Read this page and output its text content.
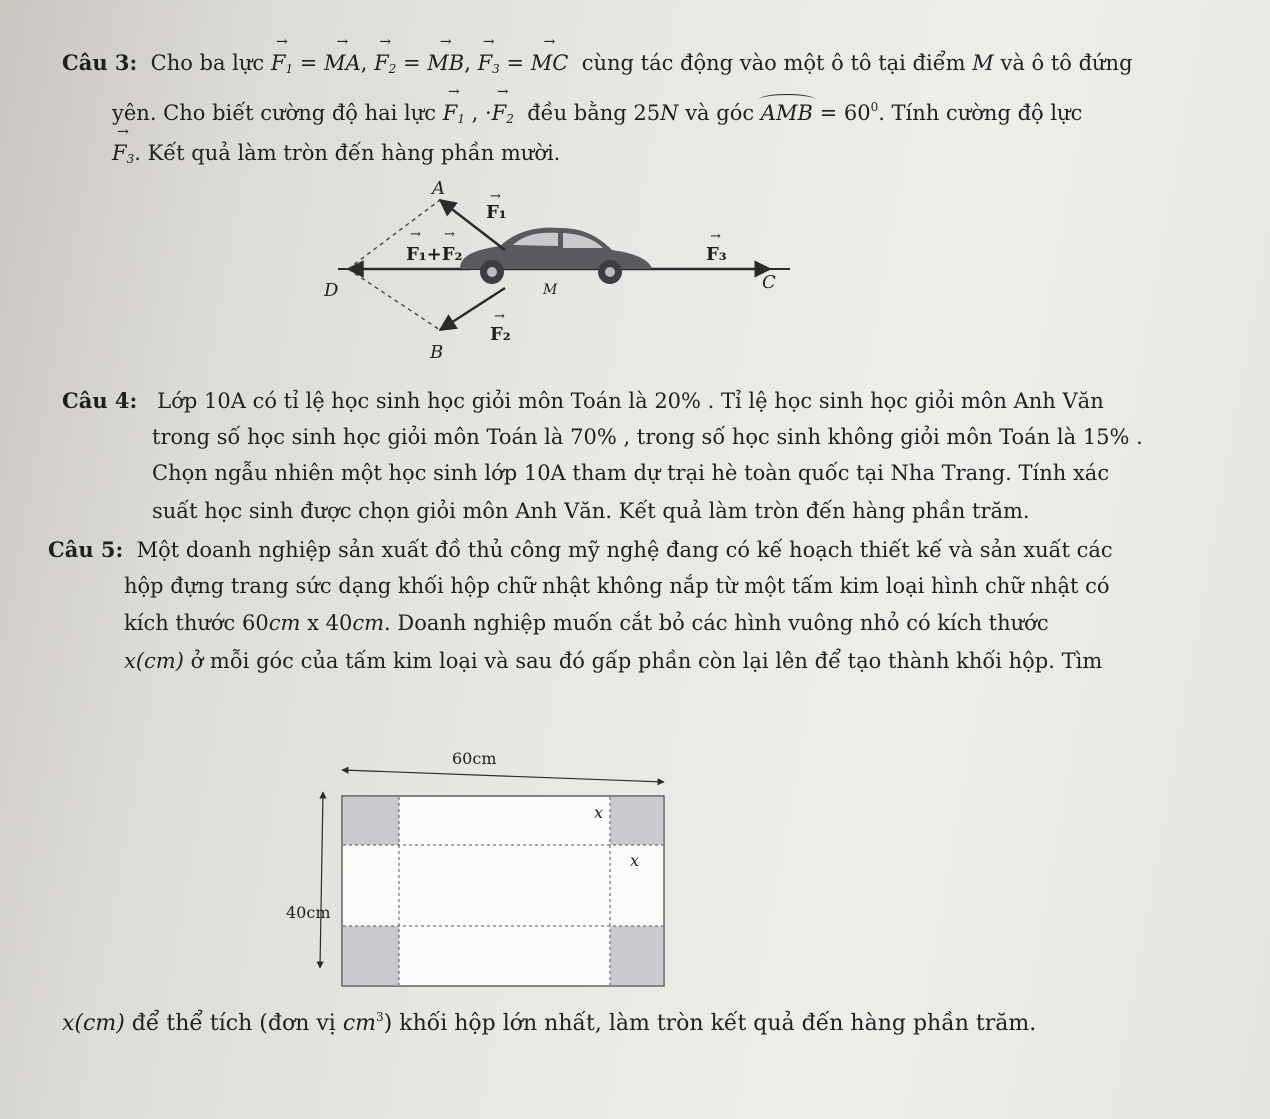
Câu 3: Cho ba lực → $F_1$ = → MA, → $F_2$ = → MB, → $F_3$ = → MC cùng tác động vào một ô tô tại điểm M và ô tô đứng
yên. Cho biết cường độ hai lực → $F_1$ , ·→ $F_2$ đều bằng 25N và góc AMB = $60^0$. Tính cường độ lực
→ $F_3$. Kết quả làm tròn đến hàng phần mười.
A
F₁
→
F₁+F₂
→ →
F₃
→
D	M	C
F₂
→
B
Câu 4: Lớp 10A có tỉ lệ học sinh học giỏi môn Toán là 20% . Tỉ lệ học sinh học giỏi môn Anh Văn
trong số học sinh học giỏi môn Toán là 70% , trong số học sinh không giỏi môn Toán là 15% .
Chọn ngẫu nhiên một học sinh lớp 10A tham dự trại hè toàn quốc tại Nha Trang. Tính xác
suất học sinh được chọn giỏi môn Anh Văn. Kết quả làm tròn đến hàng phần trăm.
Câu 5: Một doanh nghiệp sản xuất đồ thủ công mỹ nghệ đang có kế hoạch thiết kế và sản xuất các
hộp đựng trang sức dạng khối hộp chữ nhật không nắp từ một tấm kim loại hình chữ nhật có
kích thước 60cm x 40cm. Doanh nghiệp muốn cắt bỏ các hình vuông nhỏ có kích thước
x(cm) ở mỗi góc của tấm kim loại và sau đó gấp phần còn lại lên để tạo thành khối hộp. Tìm
60cm
40cm
x
x
x(cm) để thể tích (đơn vị $cm^3$) khối hộp lớn nhất, làm tròn kết quả đến hàng phần trăm.
